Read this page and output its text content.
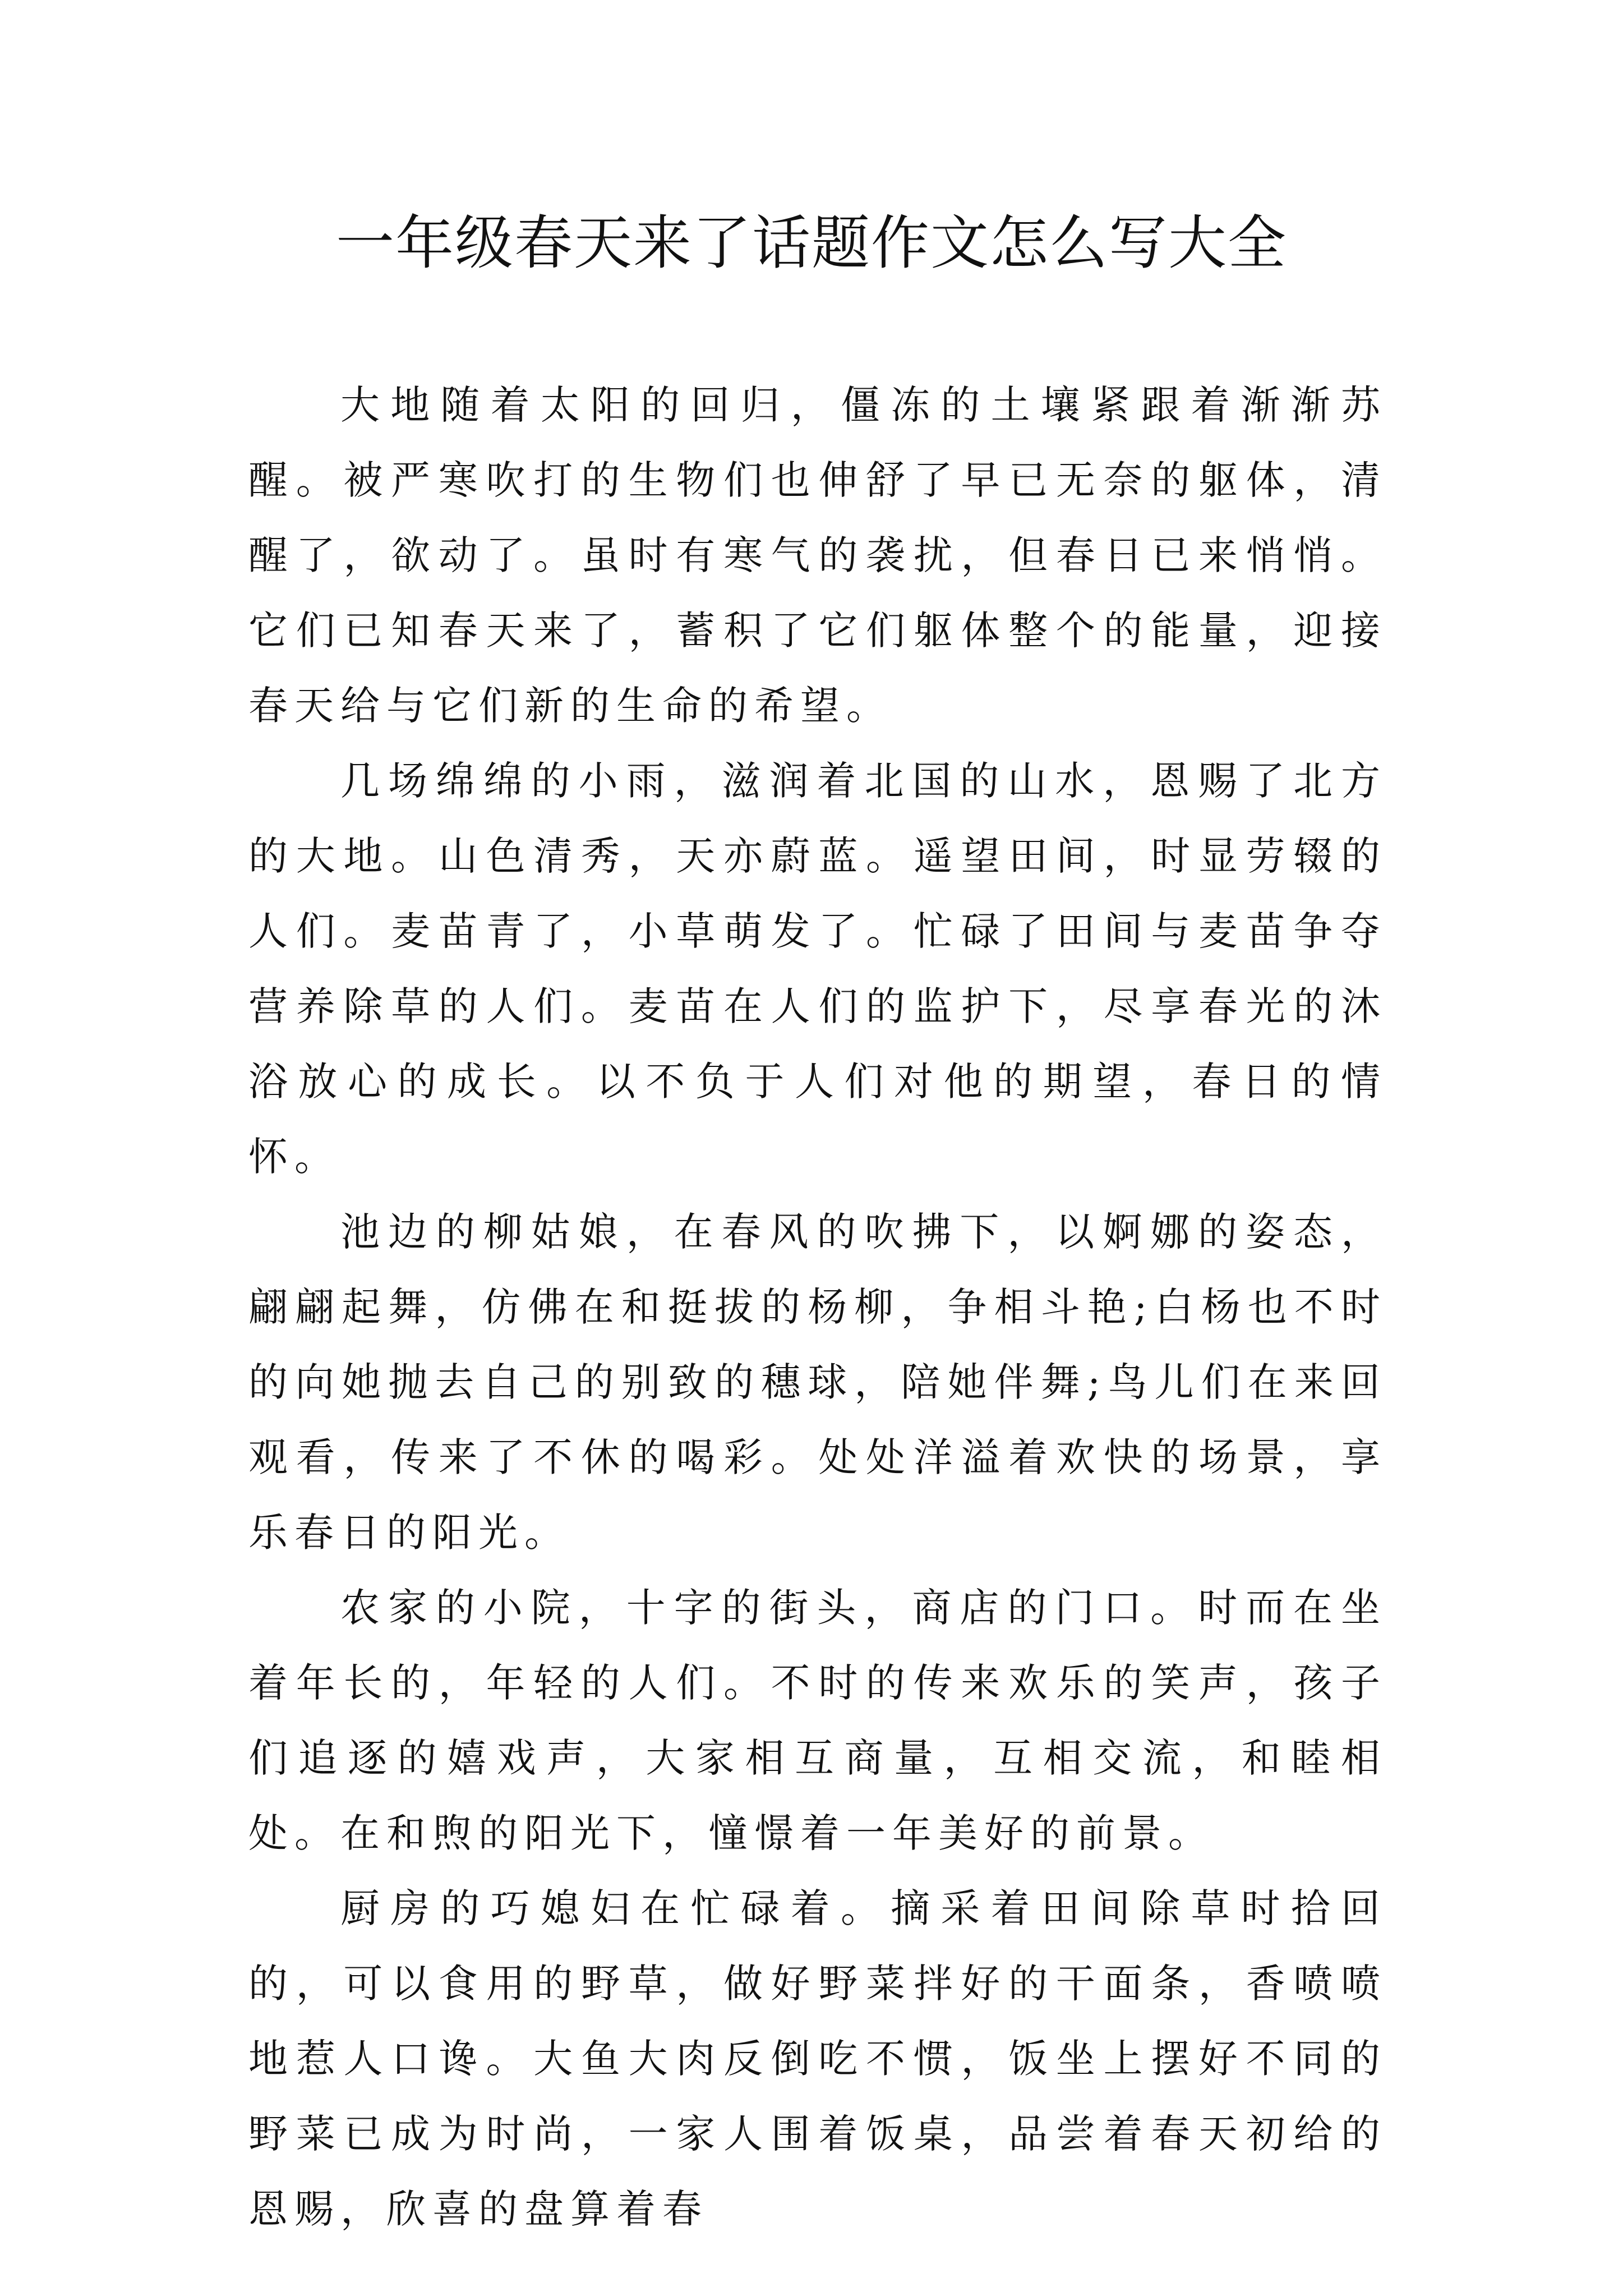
一年级春天来了话题作文怎么写大全

大地随着太阳的回归，僵冻的土壤紧跟着渐渐苏醒。被严寒吹打的生物们也伸舒了早已无奈的躯体，清醒了，欲动了。虽时有寒气的袭扰，但春日已来悄悄。它们已知春天来了，蓄积了它们躯体整个的能量，迎接春天给与它们新的生命的希望。

几场绵绵的小雨，滋润着北国的山水，恩赐了北方的大地。山色清秀，天亦蔚蓝。遥望田间，时显劳辍的人们。麦苗青了，小草萌发了。忙碌了田间与麦苗争夺营养除草的人们。麦苗在人们的监护下，尽享春光的沐浴放心的成长。以不负于人们对他的期望，春日的情怀。

池边的柳姑娘，在春风的吹拂下，以婀娜的姿态，翩翩起舞，仿佛在和挺拔的杨柳，争相斗艳;白杨也不时的向她抛去自己的别致的穗球，陪她伴舞;鸟儿们在来回观看，传来了不休的喝彩。处处洋溢着欢快的场景，享乐春日的阳光。

农家的小院，十字的街头，商店的门口。时而在坐着年长的，年轻的人们。不时的传来欢乐的笑声，孩子们追逐的嬉戏声，大家相互商量，互相交流，和睦相处。在和煦的阳光下，憧憬着一年美好的前景。

厨房的巧媳妇在忙碌着。摘采着田间除草时拾回的，可以食用的野草，做好野菜拌好的干面条，香喷喷地惹人口谗。大鱼大肉反倒吃不惯，饭坐上摆好不同的野菜已成为时尚，一家人围着饭桌，品尝着春天初给的恩赐，欣喜的盘算着春
